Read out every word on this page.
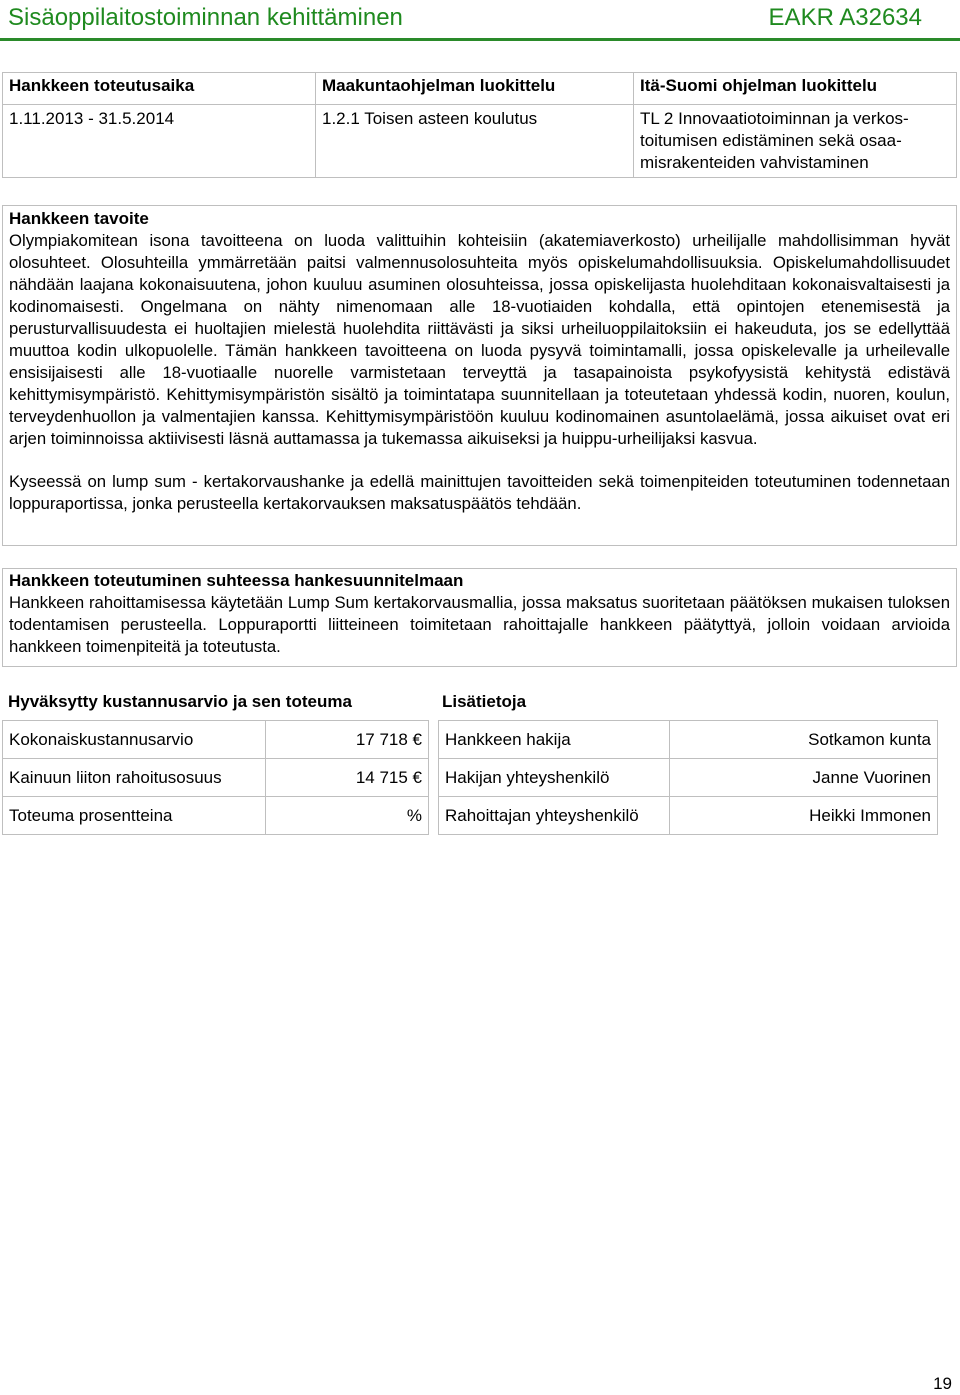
Sisäoppilaitostoiminnan kehittäminen	EAKR A32634
Hankkeen toteutusaika	Maakuntaohjelman luokittelu	Itä-Suomi ohjelman luokittelu
1.11.2013 - 31.5.2014	1.2.1 Toisen asteen koulutus	TL 2 Innovaatiotoiminnan ja verkos-toitumisen edistäminen sekä osaa-misrakenteiden vahvistaminen
Hankkeen tavoite

Olympiakomitean isona tavoitteena on luoda valittuihin kohteisiin (akatemiaverkosto) urheilijalle mahdollisimman hyvät olosuhteet. Olosuhteilla ymmärretään paitsi valmennusolosuhteita myös opiskelumahdollisuuksia. Opiskelumahdollisuudet nähdään laajana kokonaisuutena, johon kuuluu asuminen olosuhteissa, jossa opiskelijasta huolehditaan kokonaisvaltaisesti ja kodinomaisesti. Ongelmana on nähty nimenomaan alle 18-vuotiaiden kohdalla, että opintojen etenemisestä ja perusturvallisuudesta ei huoltajien mielestä huolehdita riittävästi ja siksi urheiluoppilaitoksiin ei hakeuduta, jos se edellyttää muuttoa kodin ulkopuolelle. Tämän hankkeen tavoitteena on luoda pysyvä toimintamalli, jossa opiskelevalle ja urheilevalle ensisijaisesti alle 18-vuotiaalle nuorelle varmistetaan terveyttä ja tasapainoista psykofyysistä kehitystä edistävä kehittymisympäristö. Kehittymisympäristön sisältö ja toimintatapa suunnitellaan ja toteutetaan yhdessä kodin, nuoren, koulun, terveydenhuollon ja valmentajien kanssa. Kehittymisympäristöön kuuluu kodinomainen asuntolaelämä, jossa aikuiset ovat eri arjen toiminnoissa aktiivisesti läsnä auttamassa ja tukemassa aikuiseksi ja huippu-urheilijaksi kasvua.

Kyseessä on lump sum - kertakorvaushanke ja edellä mainittujen tavoitteiden sekä toimenpiteiden toteutuminen todennetaan loppuraportissa, jonka perusteella kertakorvauksen maksatuspäätös tehdään.

Hankkeen toteutuminen suhteessa hankesuunnitelmaan

Hankkeen rahoittamisessa käytetään Lump Sum kertakorvausmallia, jossa maksatus suoritetaan päätöksen mukaisen tuloksen todentamisen perusteella. Loppuraportti liitteineen toimitetaan rahoittajalle hankkeen päätyttyä, jolloin voidaan arvioida hankkeen toimenpiteitä ja toteutusta.

Hyväksytty kustannusarvio ja sen toteuma
Kokonaiskustannusarvio	17 718 €
Kainuun liiton rahoitusosuus	14 715 €
Toteuma prosentteina	%
Lisätietoja
Hankkeen hakija	Sotkamon kunta
Hakijan yhteyshenkilö	Janne Vuorinen
Rahoittajan yhteyshenkilö	Heikki Immonen
19
